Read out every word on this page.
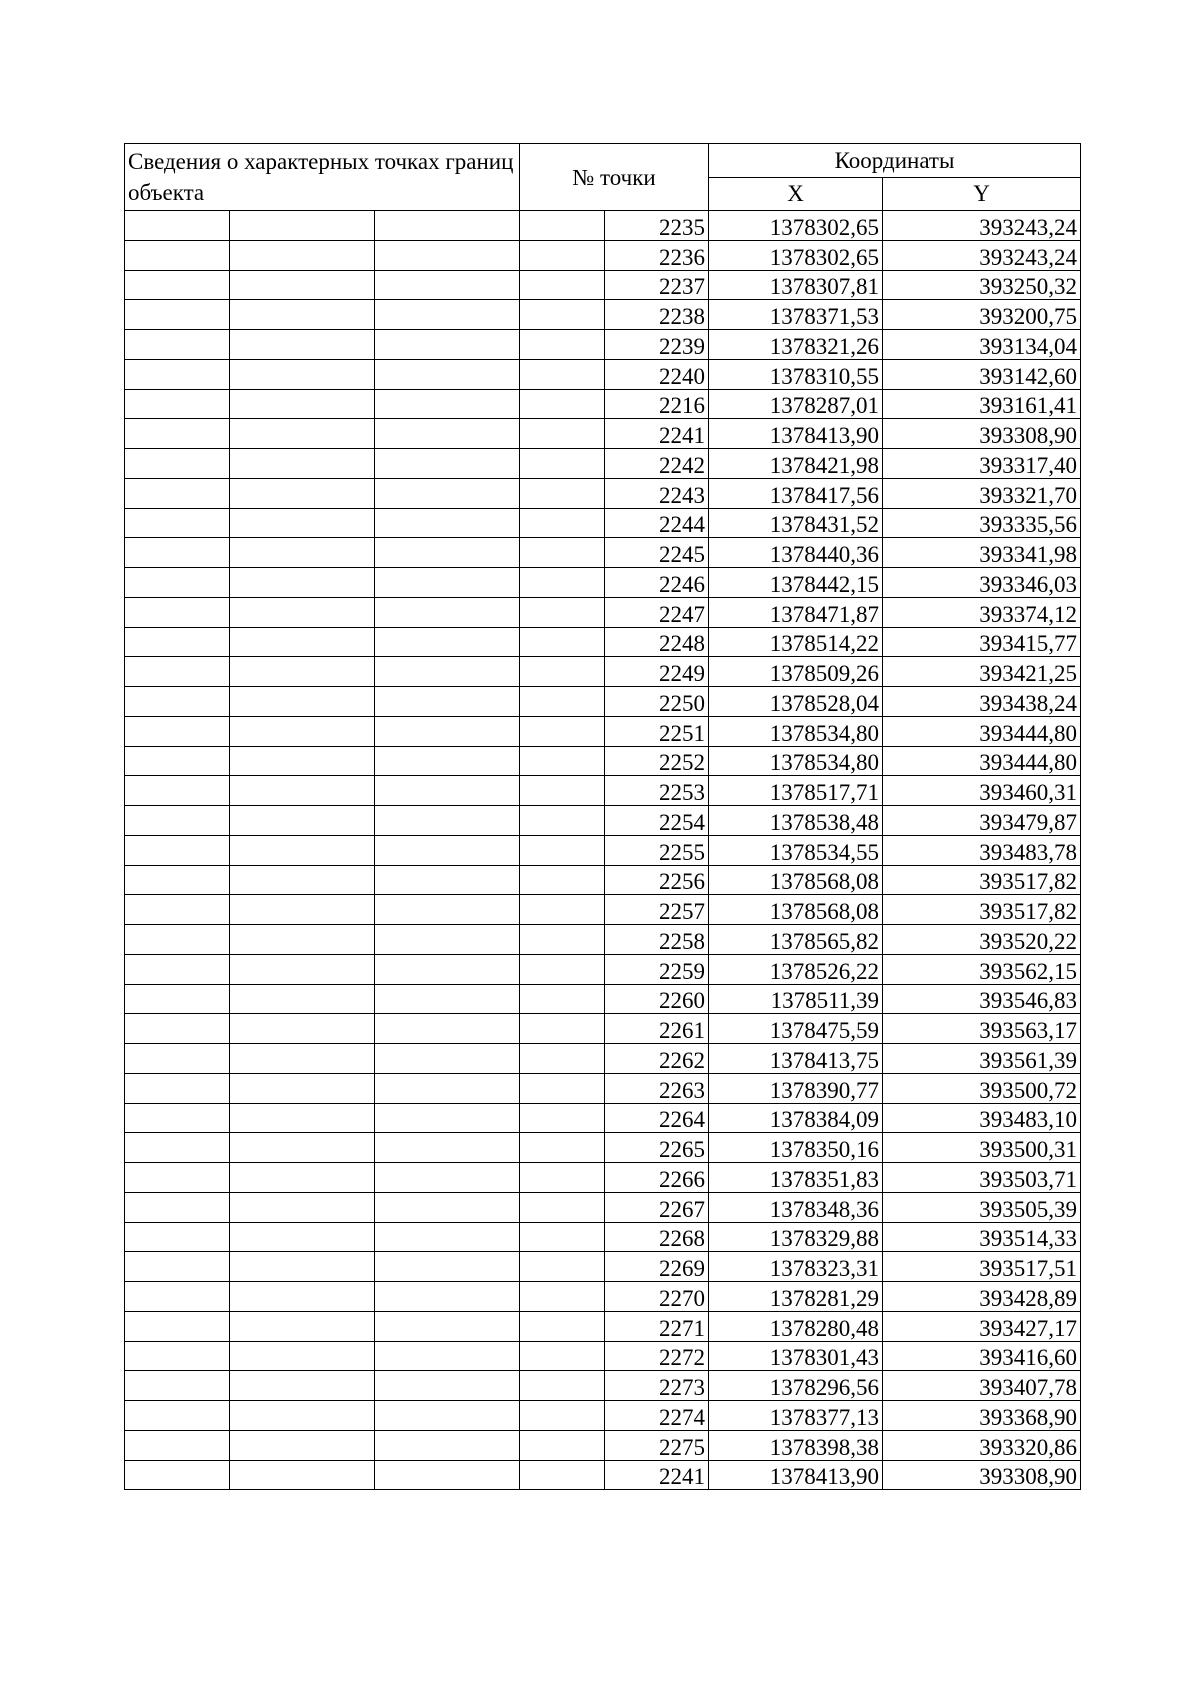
Сведения о характерных точках границ объекта			№ точки		Координаты	
					X	Y
				2235	1378302,65	393243,24
				2236	1378302,65	393243,24
				2237	1378307,81	393250,32
				2238	1378371,53	393200,75
				2239	1378321,26	393134,04
				2240	1378310,55	393142,60
				2216	1378287,01	393161,41
				2241	1378413,90	393308,90
				2242	1378421,98	393317,40
				2243	1378417,56	393321,70
				2244	1378431,52	393335,56
				2245	1378440,36	393341,98
				2246	1378442,15	393346,03
				2247	1378471,87	393374,12
				2248	1378514,22	393415,77
				2249	1378509,26	393421,25
				2250	1378528,04	393438,24
				2251	1378534,80	393444,80
				2252	1378534,80	393444,80
				2253	1378517,71	393460,31
				2254	1378538,48	393479,87
				2255	1378534,55	393483,78
				2256	1378568,08	393517,82
				2257	1378568,08	393517,82
				2258	1378565,82	393520,22
				2259	1378526,22	393562,15
				2260	1378511,39	393546,83
				2261	1378475,59	393563,17
				2262	1378413,75	393561,39
				2263	1378390,77	393500,72
				2264	1378384,09	393483,10
				2265	1378350,16	393500,31
				2266	1378351,83	393503,71
				2267	1378348,36	393505,39
				2268	1378329,88	393514,33
				2269	1378323,31	393517,51
				2270	1378281,29	393428,89
				2271	1378280,48	393427,17
				2272	1378301,43	393416,60
				2273	1378296,56	393407,78
				2274	1378377,13	393368,90
				2275	1378398,38	393320,86
				2241	1378413,90	393308,90
